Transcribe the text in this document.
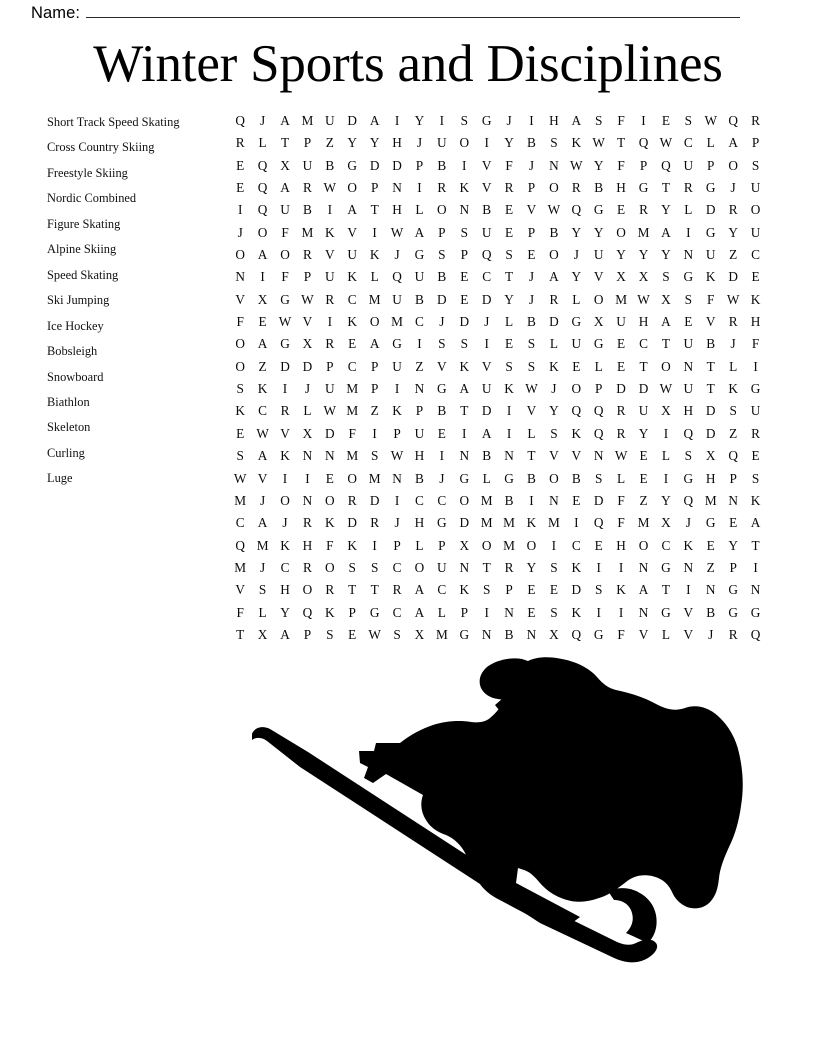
Name:
Winter Sports and Disciplines
Short Track Speed Skating
Cross Country Skiing
Freestyle Skiing
Nordic Combined
Figure Skating
Alpine Skiing
Speed Skating
Ski Jumping
Ice Hockey
Bobsleigh
Snowboard
Biathlon
Skeleton
Curling
Luge
Q	J	A M U D A	I	Y	I	S	G	J	I	H A	S	F	I	E	S W Q R
R	L	T	P	Z	Y Y H	J	U O	I	Y B	S	K W T	Q W C	L	A	P
E	Q X U B G D D	P	B	I	V	F	J	N W Y	F	P	Q U	P	O	S
E	Q A R W O	P	N	I	R K V R	P	O R	B H G	T	R G	J	U
I	Q U B	I	A	T	H	L	O N B	E	V W Q G	E	R Y	L	D R O
J	O	F M K V	I	W A	P	S	U	E	P	B Y Y O M A	I	G Y U
O A O R V U K	J	G	S	P	Q	S	E	O	J	U Y Y Y N U	Z	C
N	I	F	P	U K	L	Q U B	E	C	T	J	A Y V X X	S	G K D	E
V X G W R	C M U B D	E	D Y	J	R	L	O M W X	S	F W K
F	E W V	I	K O M C	J	D	J	L	B D G X U H A	E	V R H
O A G X R	E	A G	I	S	S	I	E	S	L	U G	E	C	T	U B	J	F
O	Z	D D	P	C	P	U	Z	V K V	S	S	K	E	L	E	T	O N	T	L	I
S	K	I	J	U M P	I	N G A U K W	J	O	P	D D W U	T	K G
K C	R	L W M Z	K	P	B	T	D	I	V Y Q Q R U X H D	S	U
E W V X D	F	I	P	U	E	I	A	I	L	S	K Q R Y	I	Q D	Z	R
S	A K N N M S W H	I	N B N	T	V V N W E	L	S	X Q	E
W V	I	I	E	O M N B	J	G	L	G B O B	S	L	E	I	G H	P	S
M	J	O N O R D	I	C	C O M B	I	N	E	D	F	Z	Y Q M N K
C A	J	R K D R	J	H G D M M K M	I	Q	F M X	J	G	E	A
Q M K H	F	K	I	P	L	P	X O M O	I	C	E	H O C K	E	Y	T
M	J	C	R O	S	S	C O U N	T	R Y	S	K	I	I	N G N	Z	P	I
V	S	H O R	T	T	R A C K	S	P	E	E	D	S	K A	T	I	N G N
F	L	Y Q K	P	G C A	L	P	I	N	E	S	K	I	I	N G V B G G
T	X A	P	S	E W S	X M G N B N X Q G	F	V	L	V	J	R Q
